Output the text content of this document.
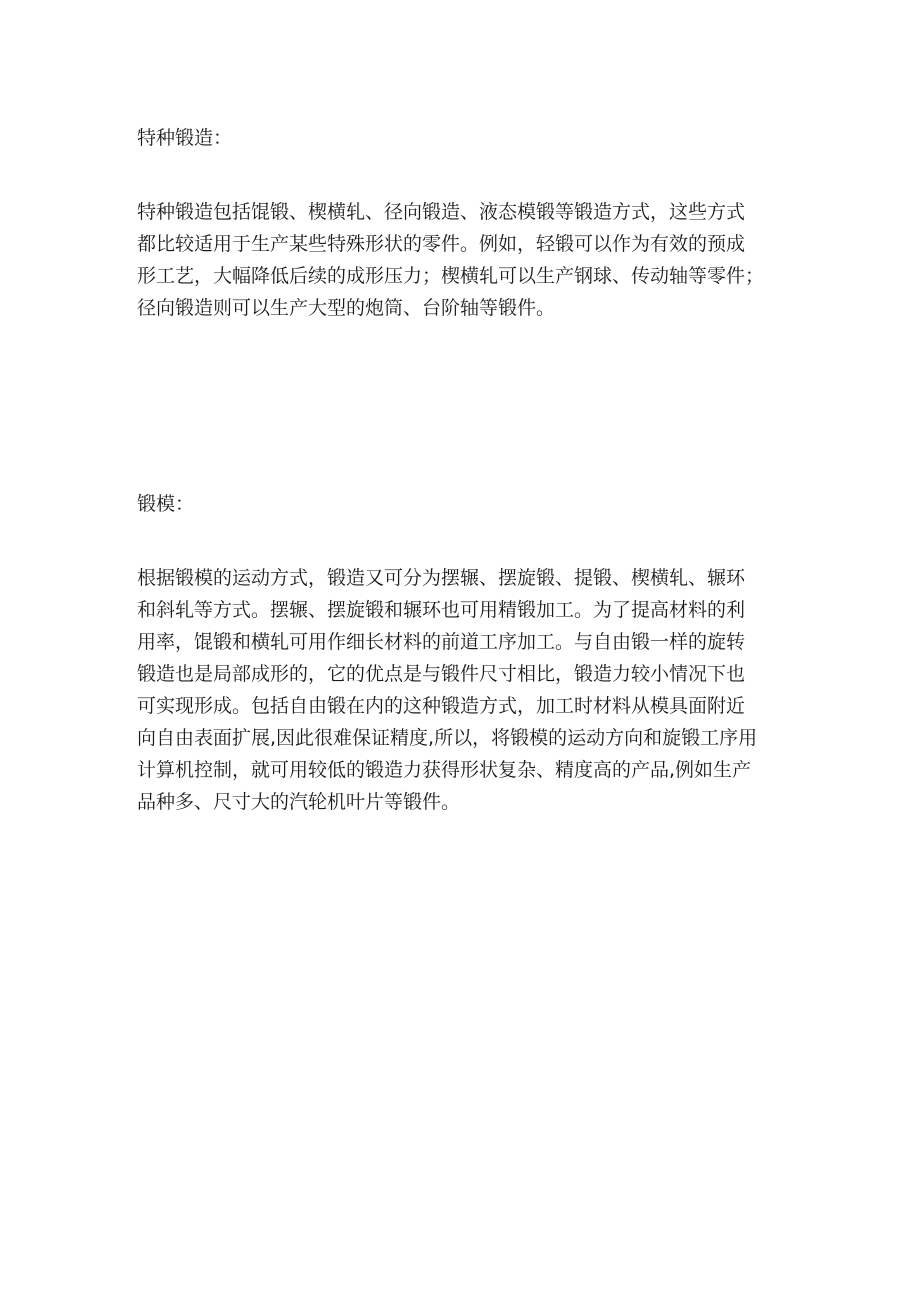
特种锻造：
特种锻造包括馄锻、楔横轧、径向锻造、液态模锻等锻造方式，这些方式
都比较适用于生产某些特殊形状的零件。例如，轻锻可以作为有效的预成
形工艺，大幅降低后续的成形压力；楔横轧可以生产钢球、传动轴等零件；
径向锻造则可以生产大型的炮筒、台阶轴等锻件。
锻模：
根据锻模的运动方式，锻造又可分为摆辗、摆旋锻、提锻、楔横轧、辗环
和斜轧等方式。摆辗、摆旋锻和辗环也可用精锻加工。为了提高材料的利
用率，馄锻和横轧可用作细长材料的前道工序加工。与自由锻一样的旋转
锻造也是局部成形的，它的优点是与锻件尺寸相比，锻造力较小情况下也
可实现形成。包括自由锻在内的这种锻造方式，加工时材料从模具面附近
向自由表面扩展,因此很难保证精度,所以，将锻模的运动方向和旋锻工序用
计算机控制，就可用较低的锻造力获得形状复杂、精度高的产品,例如生产
品种多、尺寸大的汽轮机叶片等锻件。
